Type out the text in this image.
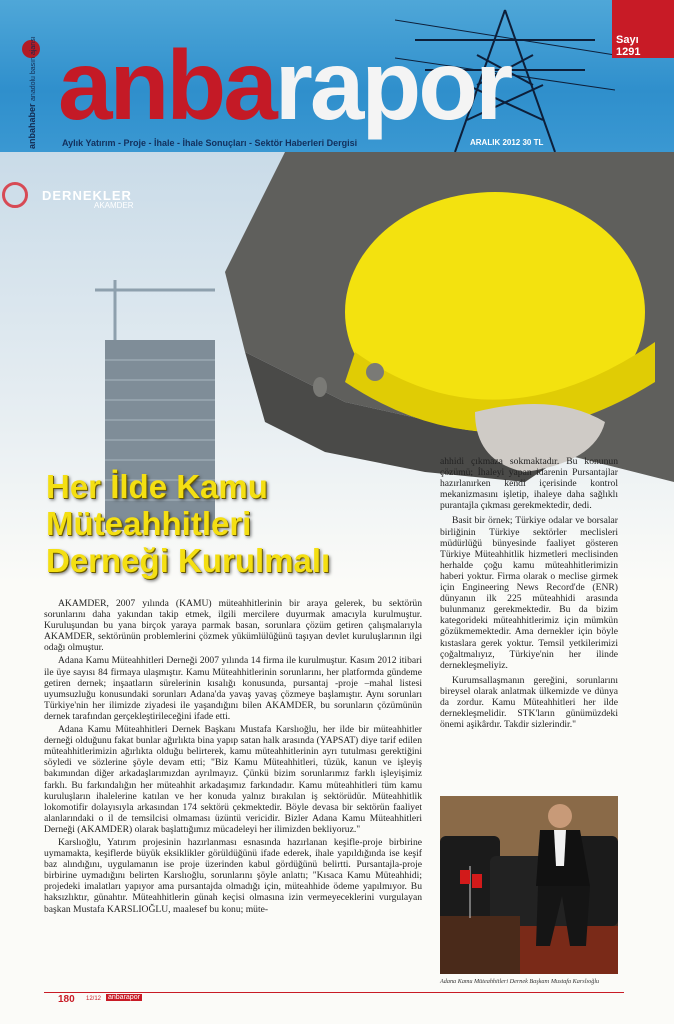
anbahaber anadolu basın ajansı anbarapor	Sayı
1291
Aylık Yatırım - Proje - İhale - İhale Sonuçları - Sektör Haberleri Dergisi	ARALIK 2012 30 TL
DERNEKLER
AKAMDER
Her İlde Kamu
Müteahhitleri
Derneği Kurulmalı

AKAMDER, 2007 yılında (KAMU) müteahhitlerinin bir araya gelerek, bu sektörün sorunlarını daha yakından takip etmek, ilgili mercilere duyurmak amacıyla kurulmuştur. Kuruluşundan bu yana birçok yaraya parmak basan, sorunlara çözüm getiren çalışmalarıyla AKAMDER, sektörünün problemlerini çözmek yükümlülüğünü taşıyan devlet kuruluşlarının ilgi odağı olmuştur.

Adana Kamu Müteahhitleri Derneği 2007 yılında 14 firma ile kurulmuştur. Kasım 2012 itibari ile üye sayısı 84 firmaya ulaşmıştır. Kamu Müteahhitlerinin sorunlarını, her platformda gündeme getiren dernek; inşaatların sürelerinin kısalığı konusunda, pursantaj -proje –mahal listesi uyumsuzluğu konusundaki sorunları Adana'da yavaş yavaş çözmeye başlamıştır. Aynı sorunları Türkiye'nin her ilimizde ziyadesi ile yaşandığını bilen AKAMDER, bu sorunların çözümünün dernek tarafından gerçekleştirileceğini ifade etti.

Adana Kamu Müteahhitleri Dernek Başkanı Mustafa Karslıoğlu, her ilde bir müteahhitler derneği olduğunu fakat bunlar ağırlıkta bina yapıp satan halk arasında (YAPSAT) diye tarif edilen müteahhitlerimizin ağırlıkta olduğu belirterek, kamu müteahhitlerinin ayrı tutulması gerektiğini söyledi ve sözlerine şöyle devam etti; "Biz Kamu Müteahhitleri, tüzük, kanun ve işleyiş bakımından diğer arkadaşlarımızdan ayrılmayız. Çünkü bizim sorunlarımız farklı işleyişimiz farklı. Bu farkındalığın her müteahhit arkadaşımız farkındadır. Kamu müteahhitleri tüm kamu kuruluşların ihalelerine katılan ve her konuda yalnız bırakılan iş sektörüdür. Müteahhitlik lokomotifir dolayısıyla arkasından 174 sektörü çekmektedir. Böyle devasa bir sektörün faaliyet alanlarındaki o il de temsilcisi olmaması üzüntü vericidir. Bizler Adana Kamu Müteahhitleri Derneği (AKAMDER) olarak başlattığımız mücadeleyi her ilimizden bekliyoruz."

Karslıoğlu, Yatırım projesinin hazırlanması esnasında hazırlanan keşifle-proje birbirine uymamakta, keşiflerde büyük eksiklikler görüldüğünü ifade ederek, ihale yapıldığında ise keşif baz alındığını, uygulamanın ise proje üzerinden kabul gördüğünü belirtti. Pursantajla-proje birbirine uymadığını belirten Karslıoğlu, sorunlarını şöyle anlattı; "Kısaca Kamu Müteahhidi; projedeki imalatları yapıyor ama pursantajda olmadığı için, müteahhide ödeme yapılmıyor. Bu haksızlıktır, günahtır. Müteahhitlerin günah keçisi olmasına izin vermeyeceklerini vurgulayan başkan Mustafa KARSLIOĞLU, maalesef bu konu; müte-

ahhidi çıkmaza sokmaktadır. Bu konunun çözümü; İhaleyi yapan idarenin Pursantajlar hazırlanırken kendi içerisinde kontrol mekanizmasını işletip, ihaleye daha sağlıklı purantajla çıkması gerekmektedir, dedi.

Basit bir örnek; Türkiye odalar ve borsalar birliğinin Türkiye sektörler meclisleri müdürlüğü bünyesinde faaliyet gösteren Türkiye Müteahhitlik hizmetleri meclisinden herhalde çoğu kamu müteahhitlerimizin haberi yoktur. Firma olarak o meclise girmek için Engineering News Record'de (ENR) dünyanın ilk 225 müteahhidi arasında bulunmanız gerekmektedir. Bu da bizim kategorideki müteahhitlerimiz için mümkün gözükmemektedir. Ama dernekler için böyle kıstaslara gerek yoktur. Temsil yetkilerimizi çoğaltmalıyız, Türkiye'nin her ilinde dernekleşmeliyiz.

Kurumsallaşmanın gereğini, sorunlarını bireysel olarak anlatmak ülkemizde ve dünya da zordur. Kamu Müteahhitleri her ilde dernekleşmelidir. STK'ların günümüzdeki önemi aşikârdır. Takdir sizlerindir."

Adana Kamu Müteahhitleri Dernek Başkanı Mustafa Karslıoğlu
180 12/12 anbarapor
